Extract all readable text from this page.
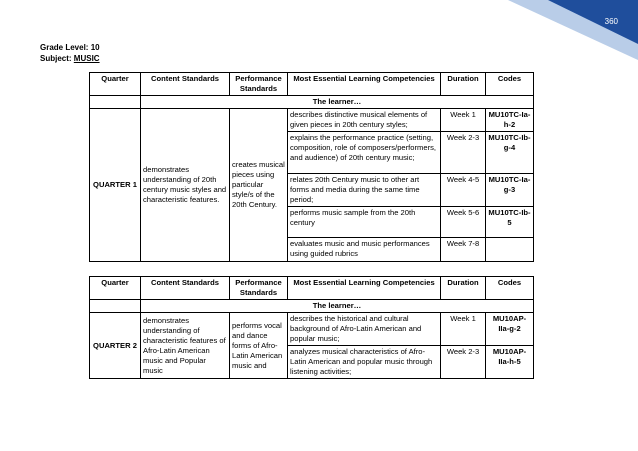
360
Grade Level: 10
Subject: MUSIC
Quarter	Content Standards	Performance Standards	Most Essential Learning Competencies	Duration	Codes
	The learner…				
QUARTER 1	demonstrates understanding of 20th century music styles and characteristic features.	creates musical pieces using particular style/s of the 20th Century.	describes distinctive musical elements of given pieces in 20th century styles;	Week 1	MU10TC-Ia-h-2
			explains the performance practice (setting, composition, role of composers/performers, and audience) of 20th century music;	Week 2-3	MU10TC-Ib-g-4
			relates 20th Century music to other art forms and media during the same time period;	Week 4-5	MU10TC-Ia-g-3
			performs music sample from the 20th century	Week 5-6	MU10TC-Ib-5
			evaluates music and music performances using guided rubrics	Week 7-8	
Quarter	Content Standards	Performance Standards	Most Essential Learning Competencies	Duration	Codes
	The learner…				
QUARTER 2	demonstrates understanding of characteristic features of Afro-Latin American music and Popular music	performs vocal and dance forms of Afro-Latin American music and	describes the historical and cultural background of Afro-Latin American and popular music;	Week 1	MU10AP-IIa-g-2
			analyzes musical characteristics of Afro-Latin American and popular music through listening activities;	Week 2-3	MU10AP-IIa-h-5
